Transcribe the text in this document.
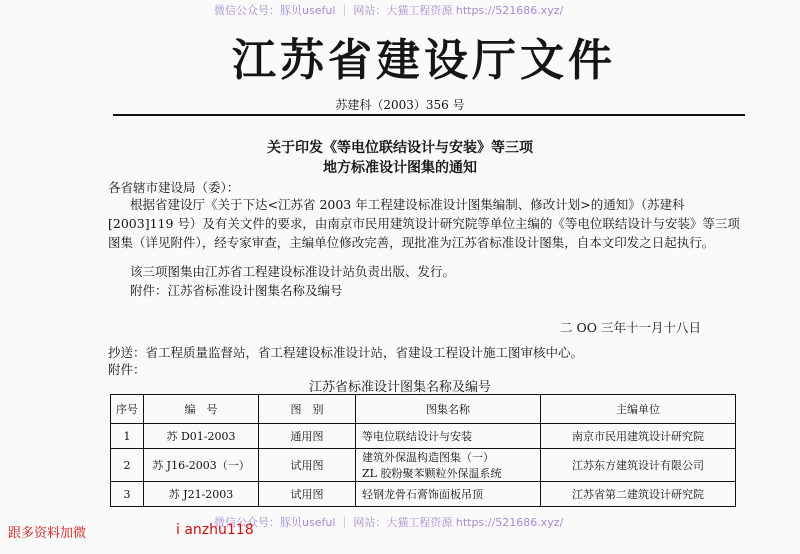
微信公众号：豚贝useful ｜ 网站：大猫工程资源 https://521686.xyz/
江苏省建设厅文件
苏建科（2003）356 号
关于印发《等电位联结设计与安装》等三项
地方标准设计图集的通知

各省辖市建设局（委）：

根据省建设厅《关于下达<江苏省 2003 年工程建设标准设计图集编制、修改计划>的通知》（苏建科[2003]119 号）及有关文件的要求，由南京市民用建筑设计研究院等单位主编的《等电位联结设计与安装》等三项图集（详见附件），经专家审查，主编单位修改完善，现批准为江苏省标准设计图集，自本文印发之日起执行。

该三项图集由江苏省工程建设标准设计站负责出版、发行。

附件：江苏省标准设计图集名称及编号

二 OO 三年十一月十八日
抄送：省工程质量监督站，省工程建设标准设计站，省建设工程设计施工图审核中心。
附件：
江苏省标准设计图集名称及编号
序号	编　号	图　别	图集名称	主编单位
1	苏 D01-2003	通用图	等电位联结设计与安装	南京市民用建筑设计研究院
2	苏 J16-2003（一）	试用图	建筑外保温构造图集（一）
ZL 胶粉聚苯颗粒外保温系统	江苏东方建筑设计有限公司
3	苏 J21-2003	试用图	轻钢龙骨石膏饰面板吊顶	江苏省第二建筑设计研究院
微信公众号：豚贝useful ｜ 网站：大猫工程资源 https://521686.xyz/
跟多资料加微	i anzhu118
